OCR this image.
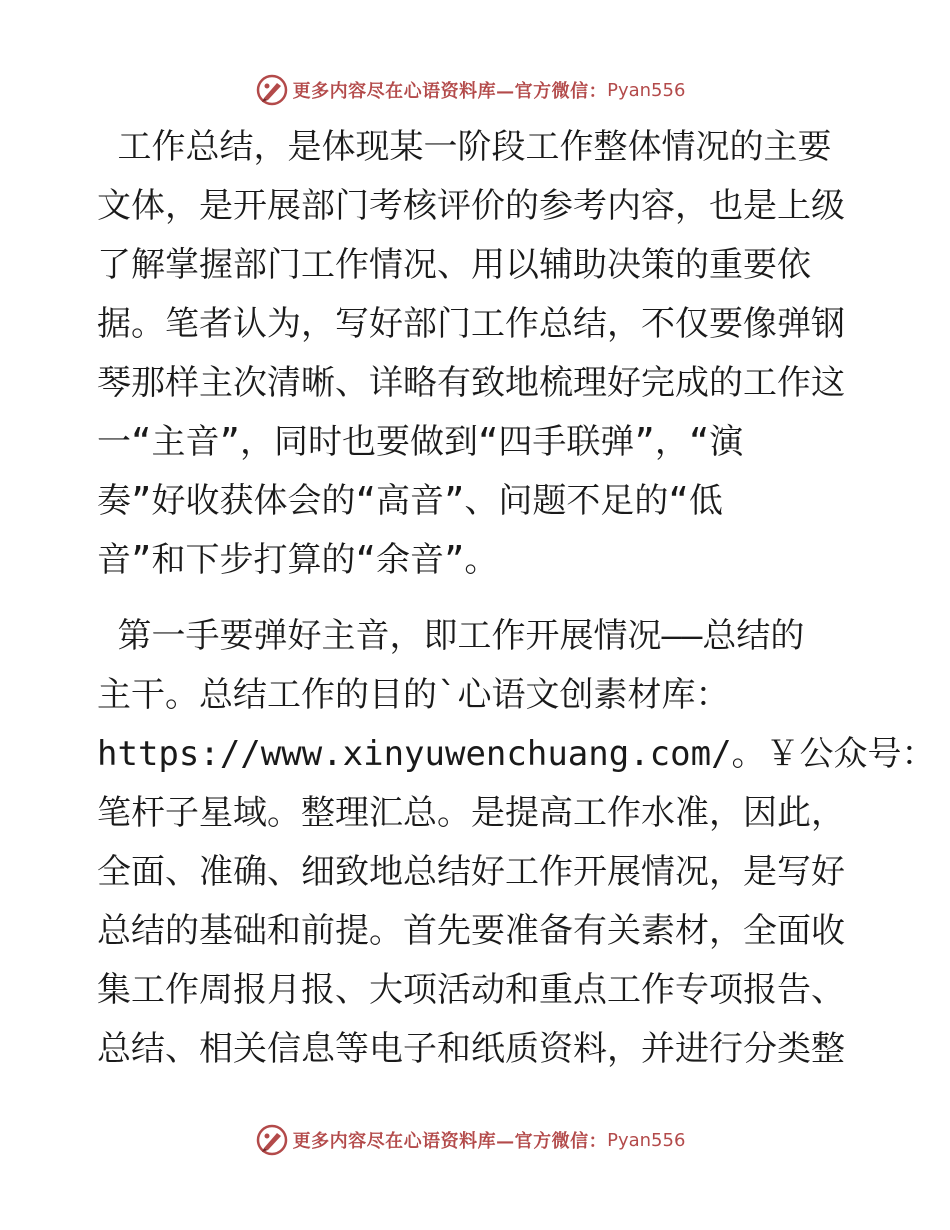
更多内容尽在心语资料库—官方微信： Pyan556
工作总结，是体现某一阶段工作整体情况的主要
文体，是开展部门考核评价的参考内容，也是上级
了解掌握部门工作情况、用以辅助决策的重要依
据。笔者认为，写好部门工作总结，不仅要像弹钢
琴那样主次清晰、详略有致地梳理好完成的工作这
一“主音”，同时也要做到“四手联弹”，“演
奏”好收获体会的“高音”、问题不足的“低
音”和下步打算的“余音”。
第一手要弹好主音，即工作开展情况——总结的
主干。总结工作的目的`心语文创素材库：
https://www.xinyuwenchuang.com/。￥公众号：
笔杆子星域。整理汇总。是提高工作水准，因此，
全面、准确、细致地总结好工作开展情况，是写好
总结的基础和前提。首先要准备有关素材，全面收
集工作周报月报、大项活动和重点工作专项报告、
总结、相关信息等电子和纸质资料，并进行分类整
更多内容尽在心语资料库—官方微信： Pyan556
